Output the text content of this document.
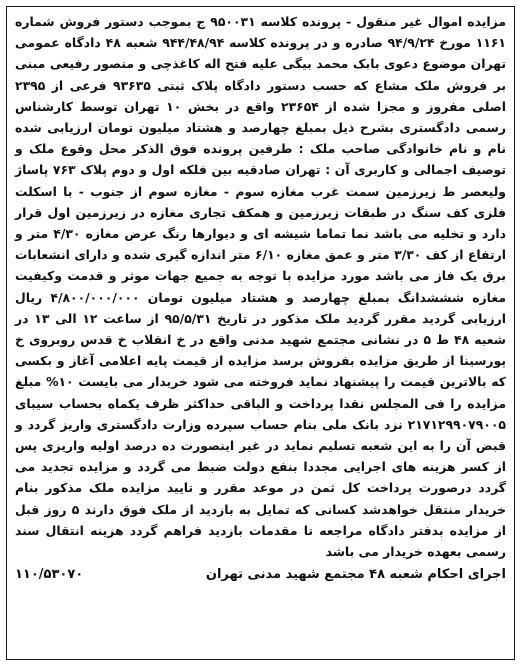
مزایده اموال غیر منقول - پرونده کلاسه ۹۵۰۰۳۱ ج بموجب دستور فروش شماره ۱۱۶۱ مورخ ۹۴/۹/۲۴ صادره و در پرونده کلاسه ۹۴۴/۴۸/۹۴ شعبه ۴۸ دادگاه عمومی تهران موضوع دعوی بابک محمد بیگی علیه فتح اله کاغذچی و منصور رفیعی مبنی بر فروش ملک مشاع که حسب دستور دادگاه پلاک ثبتی ۹۳۶۳۵ فرعی از ۲۳۹۵ اصلی مفروز و مجزا شده از ۲۳۶۵۴ واقع در بخش ۱۰ تهران توسط کارشناس رسمی دادگستری بشرح ذیل بمبلغ چهارصد و هشتاد میلیون تومان ارزیابی شده نام و نام خانوادگی صاحب ملک : طرفین پرونده فوق الذکر محل وقوع ملک و توصیف اجمالی و کاربری آن : تهران صادقیه بین فلکه اول و دوم پلاک ۷۶۳ پاساژ ولیعصر ط زیرزمین سمت غرب مغازه سوم - مغازه سوم از جنوب - با اسکلت فلزی کف سنگ در طبقات زیرزمین و همکف تجاری مغازه در زیرزمین اول قرار دارد و تخلیه می باشد نما تماما شیشه ای و دیوارها رنگ عرض مغازه ۴/۳۰ متر و ارتفاع از کف ۳/۳۰ متر و عمق مغازه ۶/۱۰ متر اندازه گیری شده و دارای انشعابات برق یک فاز می باشد مورد مزایده با توجه به جمیع جهات موثر و قدمت وکیفیت مغازه شششدانگ بمبلغ چهارصد و هشتاد میلیون تومان ۴/۸۰۰/۰۰۰/۰۰۰ ریال ارزیابی گردید مقرر گردید ملک مذکور در تاریخ ۹۵/۵/۳۱ از ساعت ۱۲ الی ۱۳ در شعبه ۴۸ ط ۵ در نشانی مجتمع شهید مدنی واقع در خ انقلاب خ قدس روبروی خ پورسینا از طریق مزایده بفروش برسد مزایده از قیمت پایه اعلامی آغاز و بکسی که بالاترین قیمت را پیشنهاد نماید فروخته می شود خریدار می بایست ۱۰% مبلغ مزایده را فی المجلس نقدا پرداخت و الباقی حداکثر ظرف یکماه بحساب سیبای ۲۱۷۱۲۹۹۰۷۹۰۰۵ نزد بانک ملی بنام حساب سپرده وزارت دادگستری واریز گردد و قبض آن را به این شعبه تسلیم نماید در غیر اینصورت ده درصد اولیه واریزی پس از کسر هزینه های اجرایی مجددا بنفع دولت ضبط می گردد و مزایده تجدید می گردد درصورت پرداخت کل ثمن در موعد مقرر و تایید مزایده ملک مذکور بنام خریدار منتقل خواهدشد کسانی که تمایل به بازدید از ملک فوق دارند ۵ روز قبل از مزایده بدفتر دادگاه مراجعه تا مقدمات بازدید فراهم گردد هزینه انتقال سند رسمی بعهده خریدار می باشد

اجرای احکام شعبه ۴۸ مجتمع شهید مدنی تهران
۱۱۰/۵۳۰۷۰
